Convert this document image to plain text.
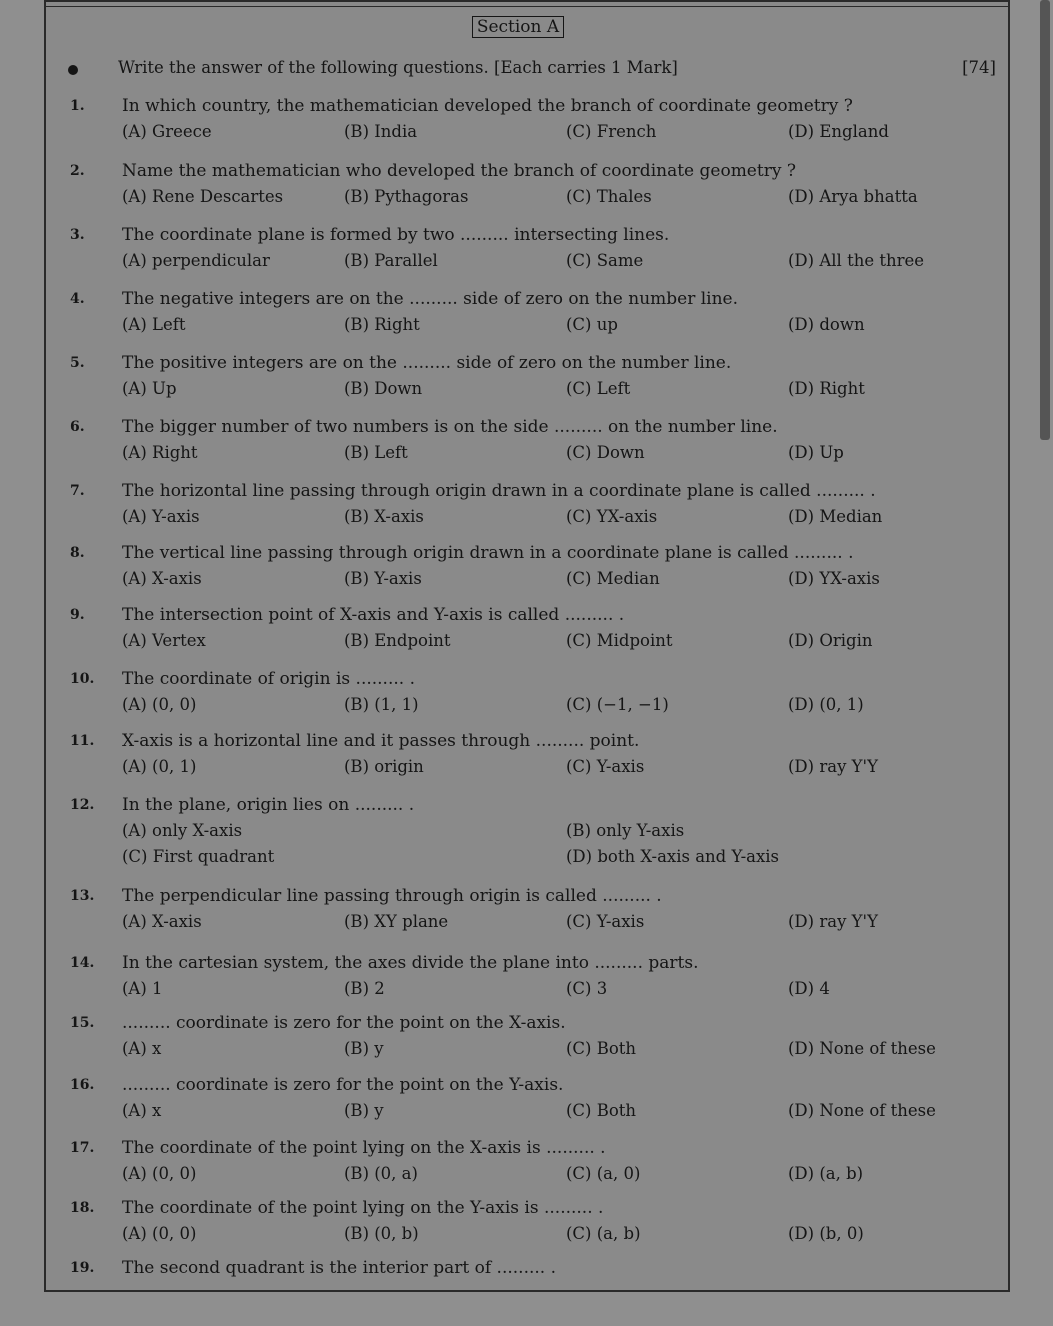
Section A
Write the answer of the following questions. [Each carries 1 Mark]	[74]
1. In which country, the mathematician developed the branch of coordinate geometry ?
(A) Greece	(B) India	(C) French	(D) England
2. Name the mathematician who developed the branch of coordinate geometry ?
(A) Rene Descartes	(B) Pythagoras	(C) Thales	(D) Arya bhatta
3. The coordinate plane is formed by two ......... intersecting lines.
(A) perpendicular	(B) Parallel	(C) Same	(D) All the three
4. The negative integers are on the ......... side of zero on the number line.
(A) Left	(B) Right	(C) up	(D) down
5. The positive integers are on the ......... side of zero on the number line.
(A) Up	(B) Down	(C) Left	(D) Right
6. The bigger number of two numbers is on the side ......... on the number line.
(A) Right	(B) Left	(C) Down	(D) Up
7. The horizontal line passing through origin drawn in a coordinate plane is called ......... .
(A) Y-axis	(B) X-axis	(C) YX-axis	(D) Median
8. The vertical line passing through origin drawn in a coordinate plane is called ......... .
(A) X-axis	(B) Y-axis	(C) Median	(D) YX-axis
9. The intersection point of X-axis and Y-axis is called ......... .
(A) Vertex	(B) Endpoint	(C) Midpoint	(D) Origin
10. The coordinate of origin is ......... .
(A) (0, 0)	(B) (1, 1)	(C) (−1, −1)	(D) (0, 1)
11. X-axis is a horizontal line and it passes through ......... point.
(A) (0, 1)	(B) origin	(C) Y-axis	(D) ray Y'Y
12. In the plane, origin lies on ......... .
(A) only X-axis	(B) only Y-axis
(C) First quadrant	(D) both X-axis and Y-axis
13. The perpendicular line passing through origin is called ......... .
(A) X-axis	(B) XY plane	(C) Y-axis	(D) ray Y'Y
14. In the cartesian system, the axes divide the plane into ......... parts.
(A) 1	(B) 2	(C) 3	(D) 4
15. ......... coordinate is zero for the point on the X-axis.
(A) x	(B) y	(C) Both	(D) None of these
16. ......... coordinate is zero for the point on the Y-axis.
(A) x	(B) y	(C) Both	(D) None of these
17. The coordinate of the point lying on the X-axis is ......... .
(A) (0, 0)	(B) (0, a)	(C) (a, 0)	(D) (a, b)
18. The coordinate of the point lying on the Y-axis is ......... .
(A) (0, 0)	(B) (0, b)	(C) (a, b)	(D) (b, 0)
19. The second quadrant is the interior part of ......... .
